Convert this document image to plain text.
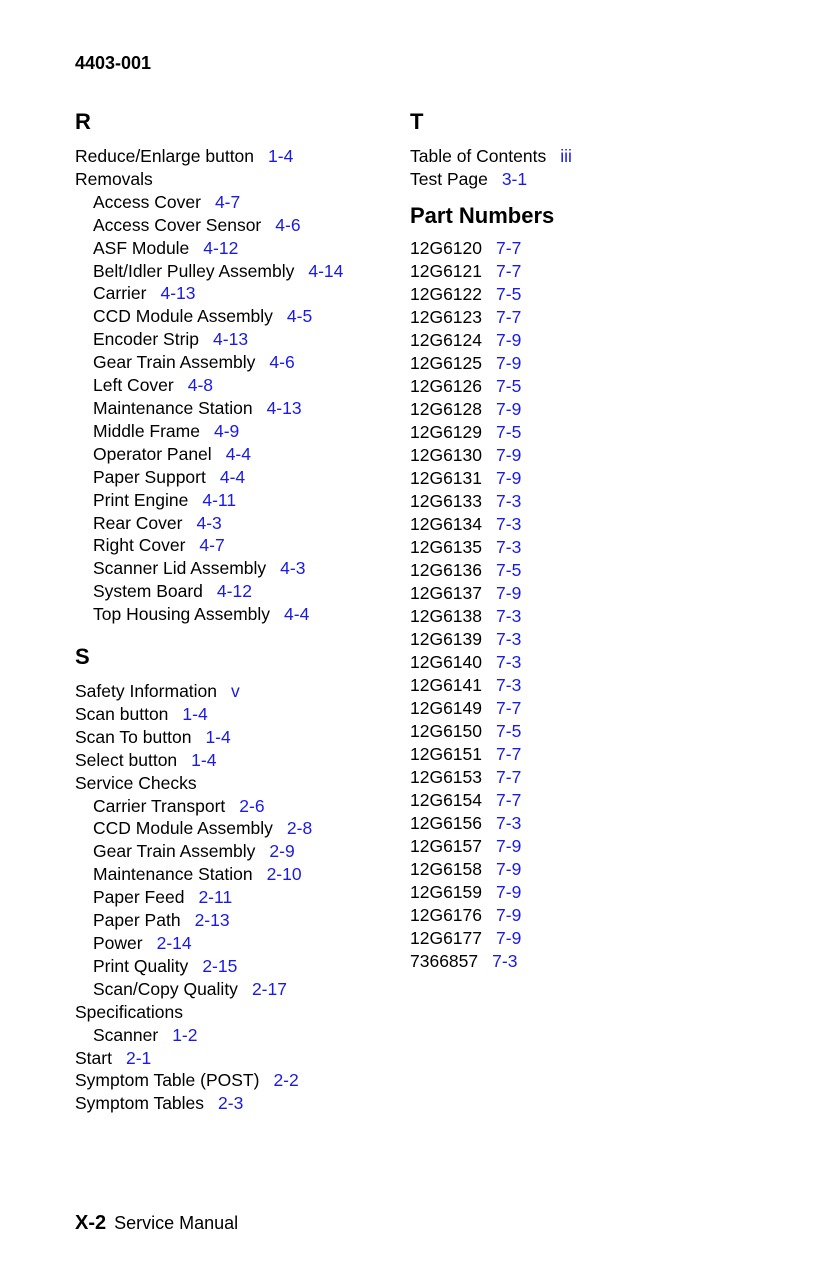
4403-001
R
Reduce/Enlarge button 1-4
Removals
Access Cover 4-7
Access Cover Sensor 4-6
ASF Module 4-12
Belt/Idler Pulley Assembly 4-14
Carrier 4-13
CCD Module Assembly 4-5
Encoder Strip 4-13
Gear Train Assembly 4-6
Left Cover 4-8
Maintenance Station 4-13
Middle Frame 4-9
Operator Panel 4-4
Paper Support 4-4
Print Engine 4-11
Rear Cover 4-3
Right Cover 4-7
Scanner Lid Assembly 4-3
System Board 4-12
Top Housing Assembly 4-4
S
Safety Information v
Scan button 1-4
Scan To button 1-4
Select button 1-4
Service Checks
Carrier Transport 2-6
CCD Module Assembly 2-8
Gear Train Assembly 2-9
Maintenance Station 2-10
Paper Feed 2-11
Paper Path 2-13
Power 2-14
Print Quality 2-15
Scan/Copy Quality 2-17
Specifications
Scanner 1-2
Start 2-1
Symptom Table (POST) 2-2
Symptom Tables 2-3
T
Table of Contents iii
Test Page 3-1
Part Numbers
12G6120 7-7
12G6121 7-7
12G6122 7-5
12G6123 7-7
12G6124 7-9
12G6125 7-9
12G6126 7-5
12G6128 7-9
12G6129 7-5
12G6130 7-9
12G6131 7-9
12G6133 7-3
12G6134 7-3
12G6135 7-3
12G6136 7-5
12G6137 7-9
12G6138 7-3
12G6139 7-3
12G6140 7-3
12G6141 7-3
12G6149 7-7
12G6150 7-5
12G6151 7-7
12G6153 7-7
12G6154 7-7
12G6156 7-3
12G6157 7-9
12G6158 7-9
12G6159 7-9
12G6176 7-9
12G6177 7-9
7366857 7-3
X-2 Service Manual
